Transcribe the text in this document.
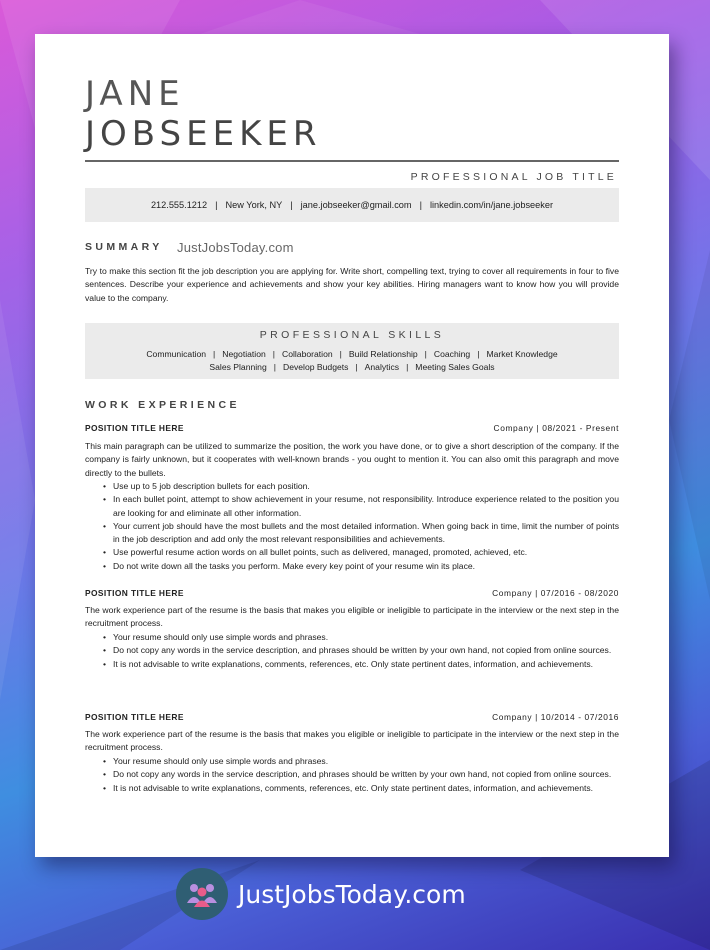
JANE
JOBSEEKER
PROFESSIONAL JOB TITLE
212.555.1212 | New York, NY | jane.jobseeker@gmail.com | linkedin.com/in/jane.jobseeker
SUMMARY JustJobsToday.com
Try to make this section fit the job description you are applying for. Write short, compelling text, trying to cover all requirements in four to five sentences. Describe your experience and achievements and show your key abilities. Hiring managers want to know how you will provide value to the company.
PROFESSIONAL SKILLS
Communication | Negotiation | Collaboration | Build Relationship | Coaching | Market Knowledge
Sales Planning | Develop Budgets | Analytics | Meeting Sales Goals
WORK EXPERIENCE
POSITION TITLE HERE	Company | 08/2021 - Present
This main paragraph can be utilized to summarize the position, the work you have done, or to give a short description of the company. If the company is fairly unknown, but it cooperates with well-known brands - you ought to mention it. You can also omit this paragraph and move directly to the bullets.
• Use up to 5 job description bullets for each position.
• In each bullet point, attempt to show achievement in your resume, not responsibility. Introduce experience related to the position you are looking for and eliminate all other information.
• Your current job should have the most bullets and the most detailed information. When going back in time, limit the number of points in the job description and add only the most relevant responsibilities and achievements.
• Use powerful resume action words on all bullet points, such as delivered, managed, promoted, achieved, etc.
• Do not write down all the tasks you perform. Make every key point of your resume win its place.
POSITION TITLE HERE	Company | 07/2016 - 08/2020
The work experience part of the resume is the basis that makes you eligible or ineligible to participate in the interview or the next step in the recruitment process.
• Your resume should only use simple words and phrases.
• Do not copy any words in the service description, and phrases should be written by your own hand, not copied from online sources.
• It is not advisable to write explanations, comments, references, etc. Only state pertinent dates, information, and achievements.
POSITION TITLE HERE	Company | 10/2014 - 07/2016
The work experience part of the resume is the basis that makes you eligible or ineligible to participate in the interview or the next step in the recruitment process.
• Your resume should only use simple words and phrases.
• Do not copy any words in the service description, and phrases should be written by your own hand, not copied from online sources.
• It is not advisable to write explanations, comments, references, etc. Only state pertinent dates, information, and achievements.
JustJobsToday.com
